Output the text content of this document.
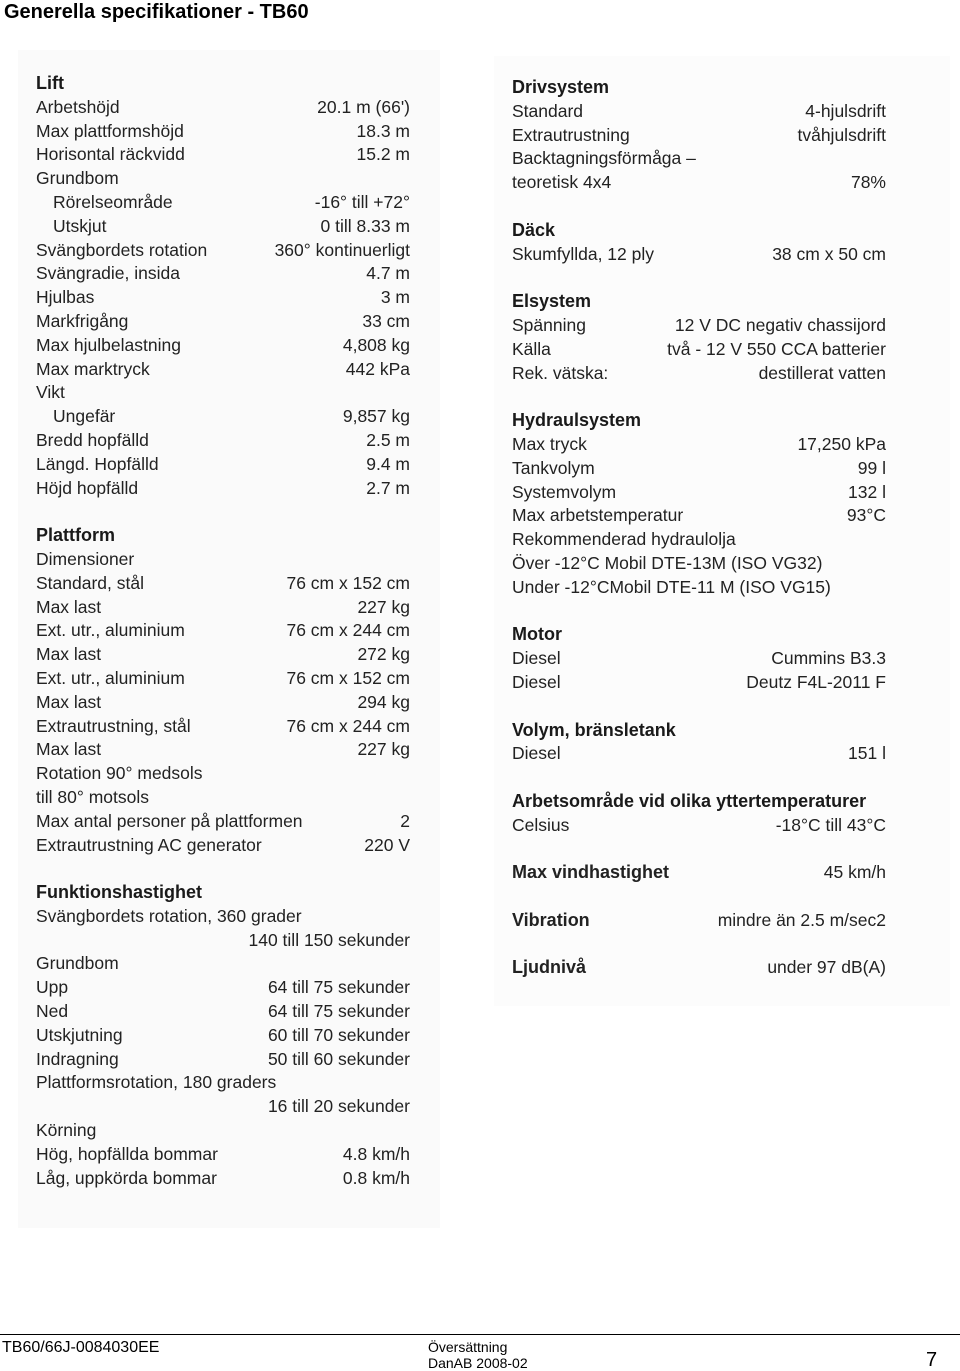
Generella specifikationer - TB60
Lift
Arbetshöjd	20.1 m (66')
Max plattformshöjd	18.3 m
Horisontal räckvidd	15.2 m
Grundbom
Rörelseområde	-16° till +72°
Utskjut	0 till 8.33 m
Svängbordets rotation	360° kontinuerligt
Svängradie, insida	4.7 m
Hjulbas	3 m
Markfrigång	33 cm
Max hjulbelastning	4,808 kg
Max marktryck	442 kPa
Vikt
Ungefär	9,857 kg
Bredd hopfälld	2.5 m
Längd. Hopfälld	9.4 m
Höjd hopfälld	2.7 m
Plattform
Dimensioner
Standard, stål	76 cm x 152 cm
Max last	227 kg
Ext. utr., aluminium	76 cm x 244 cm
Max last	272 kg
Ext. utr., aluminium	76 cm x 152 cm
Max last	294 kg
Extrautrustning, stål	76 cm x 244 cm
Max last	227 kg
Rotation 90° medsols
till 80° motsols
Max antal personer på plattformen	2
Extrautrustning AC generator	220 V
Funktionshastighet
Svängbordets rotation, 360 grader
140 till 150 sekunder
Grundbom
Upp	64 till 75 sekunder
Ned	64 till 75 sekunder
Utskjutning	60 till 70 sekunder
Indragning	50 till 60 sekunder
Plattformsrotation, 180 graders
16 till 20 sekunder
Körning
Hög, hopfällda bommar	4.8 km/h
Låg, uppkörda bommar	0.8 km/h
Drivsystem
Standard	4-hjulsdrift
Extrautrustning	tvåhjulsdrift
Backtagningsförmåga –
teoretisk 4x4	78%
Däck
Skumfyllda, 12 ply	38 cm x 50 cm
Elsystem
Spänning	12 V DC negativ chassijord
Källa	två - 12 V 550 CCA batterier
Rek. vätska:	destillerat vatten
Hydraulsystem
Max tryck	17,250 kPa
Tankvolym	99 l
Systemvolym	132 l
Max arbetstemperatur	93°C
Rekommenderad hydraulolja
Över -12°C Mobil DTE-13M (ISO VG32)
Under -12°CMobil DTE-11 M (ISO VG15)
Motor
Diesel	Cummins B3.3
Diesel	Deutz F4L-2011 F
Volym, bränsletank
Diesel	151 l
Arbetsområde vid olika yttertemperaturer
Celsius	-18°C till 43°C
Max vindhastighet	45 km/h
Vibration	mindre än 2.5 m/sec2
Ljudnivå	under 97 dB(A)
TB60/66J-0084030EE	Översättning
DanAB 2008-02	7
